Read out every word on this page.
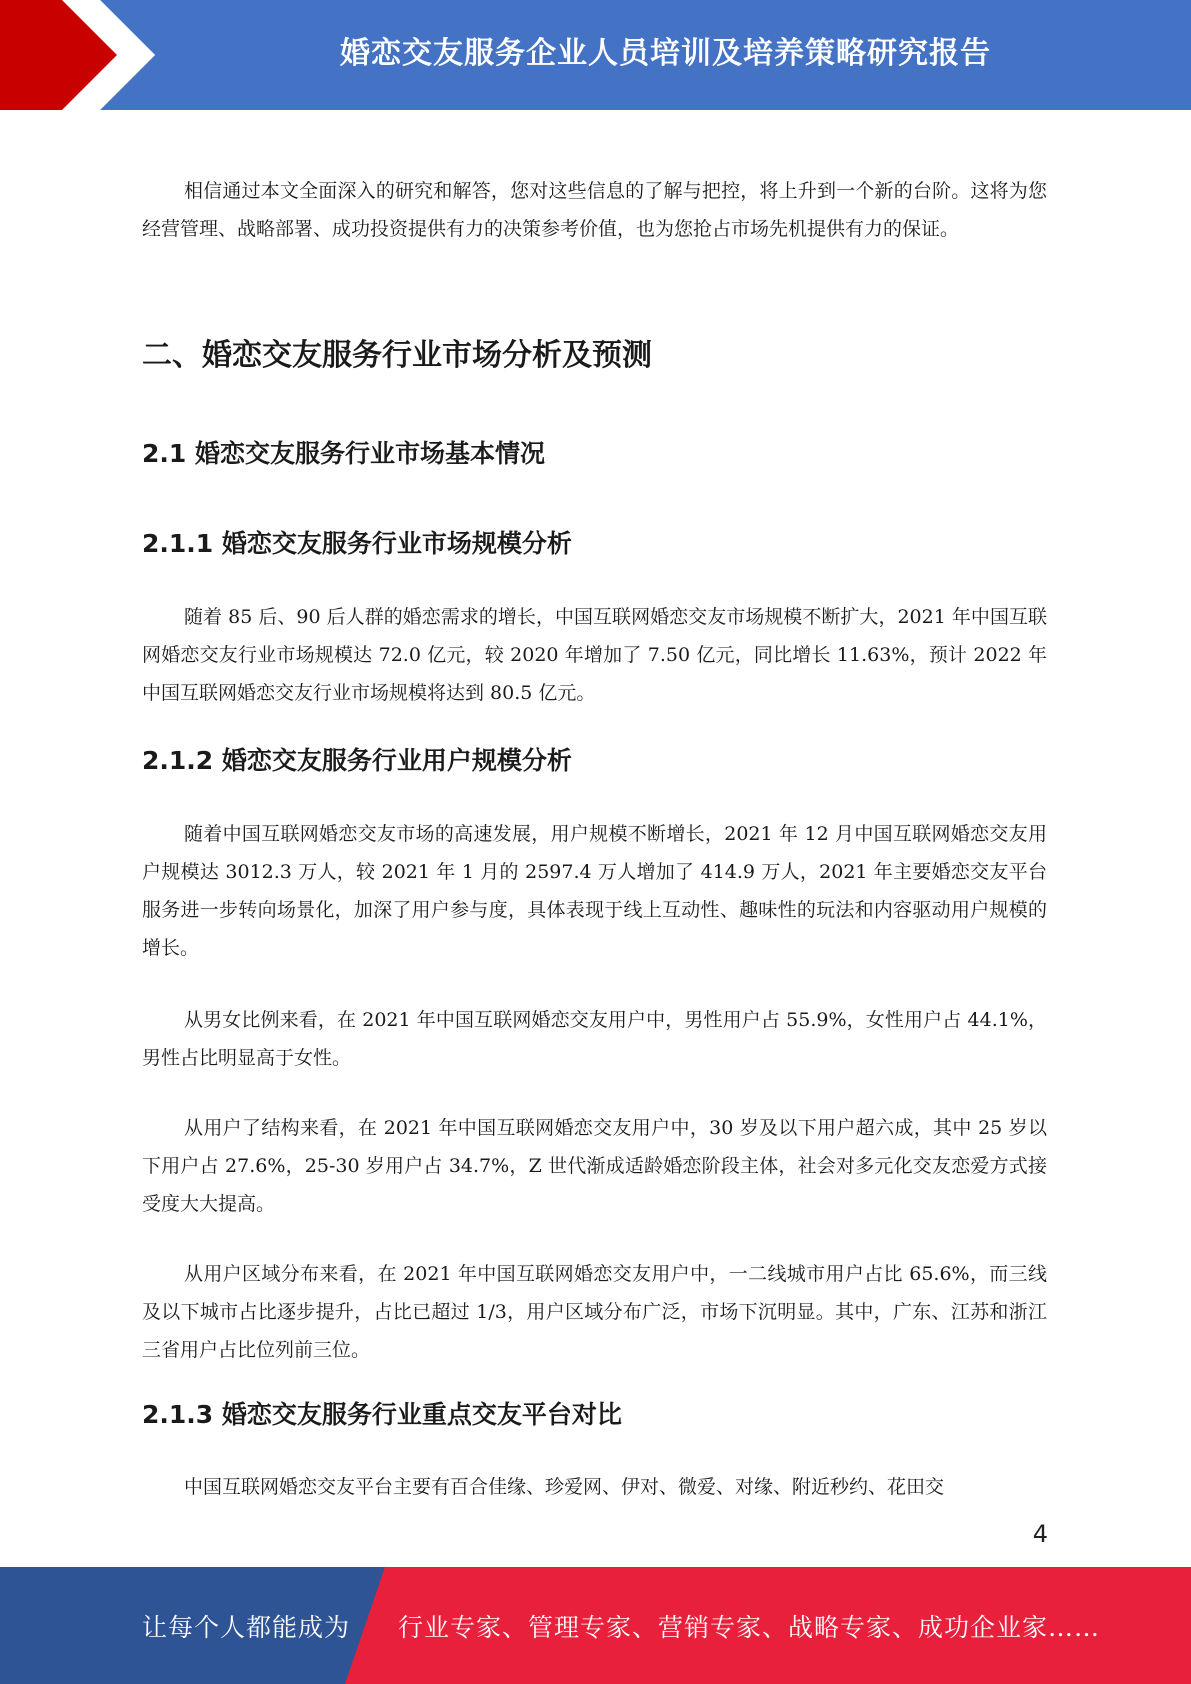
婚恋交友服务企业人员培训及培养策略研究报告

相信通过本文全面深入的研究和解答，您对这些信息的了解与把控，将上升到一个新的台阶。这将为您经营管理、战略部署、成功投资提供有力的决策参考价值，也为您抢占市场先机提供有力的保证。

二、婚恋交友服务行业市场分析及预测
2.1 婚恋交友服务行业市场基本情况
2.1.1 婚恋交友服务行业市场规模分析

随着 85 后、90 后人群的婚恋需求的增长，中国互联网婚恋交友市场规模不断扩大，2021 年中国互联网婚恋交友行业市场规模达 72.0 亿元，较 2020 年增加了 7.50 亿元，同比增长 11.63%，预计 2022 年中国互联网婚恋交友行业市场规模将达到 80.5 亿元。

2.1.2 婚恋交友服务行业用户规模分析

随着中国互联网婚恋交友市场的高速发展，用户规模不断增长，2021 年 12 月中国互联网婚恋交友用户规模达 3012.3 万人，较 2021 年 1 月的 2597.4 万人增加了 414.9 万人，2021 年主要婚恋交友平台服务进一步转向场景化，加深了用户参与度，具体表现于线上互动性、趣味性的玩法和内容驱动用户规模的增长。

从男女比例来看，在 2021 年中国互联网婚恋交友用户中，男性用户占 55.9%，女性用户占 44.1%，男性占比明显高于女性。

从用户了结构来看，在 2021 年中国互联网婚恋交友用户中，30 岁及以下用户超六成，其中 25 岁以下用户占 27.6%，25-30 岁用户占 34.7%，Z 世代渐成适龄婚恋阶段主体，社会对多元化交友恋爱方式接受度大大提高。

从用户区域分布来看，在 2021 年中国互联网婚恋交友用户中，一二线城市用户占比 65.6%，而三线及以下城市占比逐步提升，占比已超过 1/3，用户区域分布广泛，市场下沉明显。其中，广东、江苏和浙江三省用户占比位列前三位。

2.1.3 婚恋交友服务行业重点交友平台对比

中国互联网婚恋交友平台主要有百合佳缘、珍爱网、伊对、微爱、对缘、附近秒约、花田交

4
让每个人都能成为 行业专家、管理专家、营销专家、战略专家、成功企业家……
